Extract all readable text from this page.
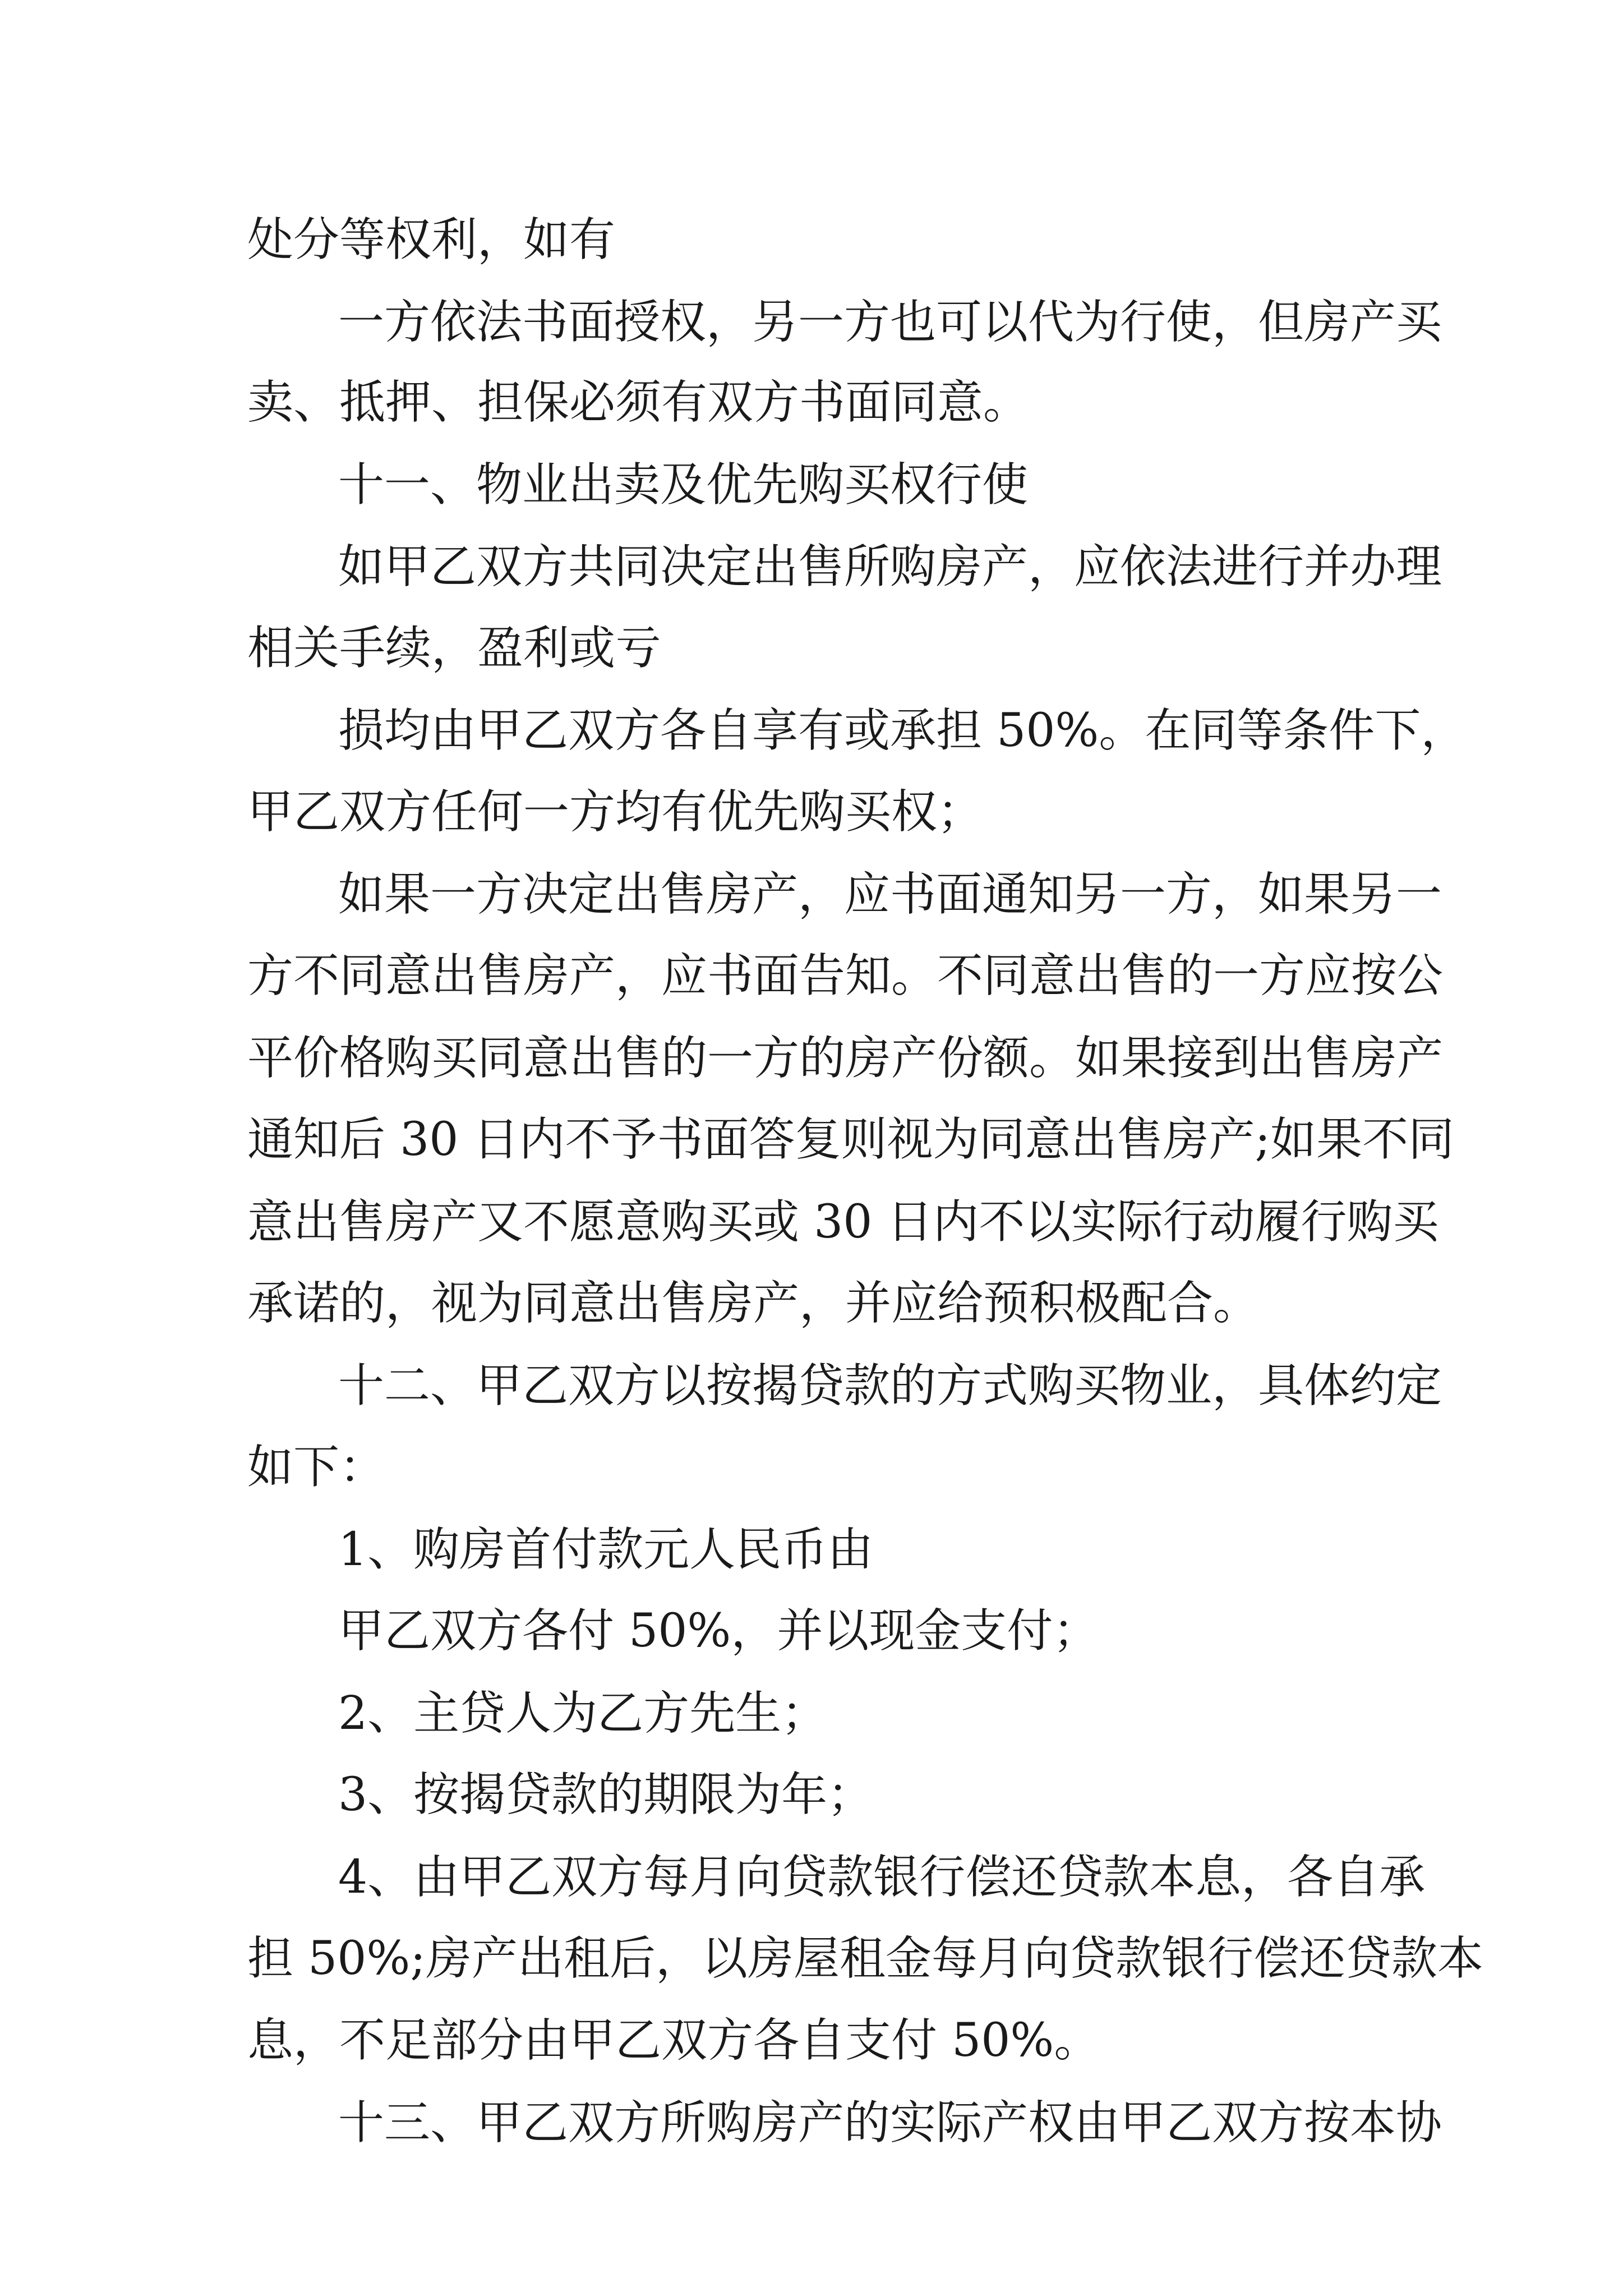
处分等权利，如有
一方依法书面授权，另一方也可以代为行使，但房产买
卖、抵押、担保必须有双方书面同意。
十一、物业出卖及优先购买权行使
如甲乙双方共同决定出售所购房产，应依法进行并办理
相关手续，盈利或亏
损均由甲乙双方各自享有或承担 50%。在同等条件下，
甲乙双方任何一方均有优先购买权；
如果一方决定出售房产，应书面通知另一方，如果另一
方不同意出售房产，应书面告知。不同意出售的一方应按公
平价格购买同意出售的一方的房产份额。如果接到出售房产
通知后 30 日内不予书面答复则视为同意出售房产;如果不同
意出售房产又不愿意购买或 30 日内不以实际行动履行购买
承诺的，视为同意出售房产，并应给预积极配合。
十二、甲乙双方以按揭贷款的方式购买物业，具体约定
如下：
1、购房首付款元人民币由
甲乙双方各付 50%，并以现金支付；
2、主贷人为乙方先生；
3、按揭贷款的期限为年；
4、由甲乙双方每月向贷款银行偿还贷款本息，各自承
担 50%;房产出租后，以房屋租金每月向贷款银行偿还贷款本
息，不足部分由甲乙双方各自支付 50%。
十三、甲乙双方所购房产的实际产权由甲乙双方按本协
